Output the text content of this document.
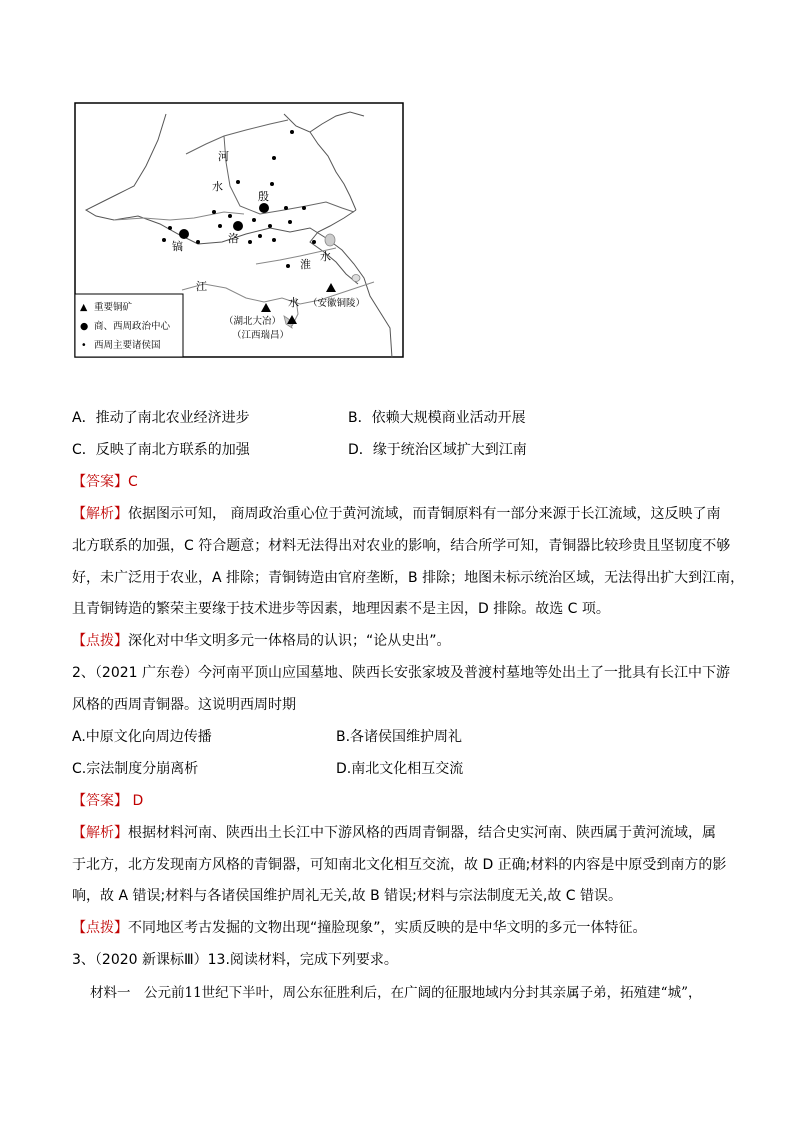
河
水
殷
洛
镐
淮
水
江
水 （安徽铜陵）
（湖北大冶）
（江西瑞昌）
▲ 重要铜矿
● 商、西周政治中心
• 西周主要诸侯国
A．推动了南北农业经济进步	B．依赖大规模商业活动开展
C．反映了南北方联系的加强	D．缘于统治区域扩大到江南
【答案】C
【解析】依据图示可知， 商周政治重心位于黄河流域，而青铜原料有一部分来源于长江流域，这反映了南
北方联系的加强，C 符合题意；材料无法得出对农业的影响，结合所学可知，青铜器比较珍贵且坚韧度不够
好，未广泛用于农业，A 排除；青铜铸造由官府垄断，B 排除；地图未标示统治区域，无法得出扩大到江南，
且青铜铸造的繁荣主要缘于技术进步等因素，地理因素不是主因，D 排除。故选 C 项。
【点拨】深化对中华文明多元一体格局的认识；“论从史出”。
2、（2021 广东卷）今河南平顶山应国墓地、陕西长安张家坡及普渡村墓地等处出土了一批具有长江中下游
风格的西周青铜器。这说明西周时期
A.中原文化向周边传播	B.各诸侯国维护周礼
C.宗法制度分崩离析	D.南北文化相互交流
【答案】 D
【解析】根据材料河南、陕西出土长江中下游风格的西周青铜器，结合史实河南、陕西属于黄河流域，属
于北方，北方发现南方风格的青铜器，可知南北文化相互交流，故 D 正确;材料的内容是中原受到南方的影
响，故 A 错误;材料与各诸侯国维护周礼无关,故 B 错误;材料与宗法制度无关,故 C 错误。
【点拨】不同地区考古发掘的文物出现“撞脸现象”，实质反映的是中华文明的多元一体特征。
3、（2020 新课标Ⅲ）13.阅读材料，完成下列要求。
材料一　公元前11世纪下半叶，周公东征胜利后，在广阔的征服地域内分封其亲属子弟，拓殖建“城”，
